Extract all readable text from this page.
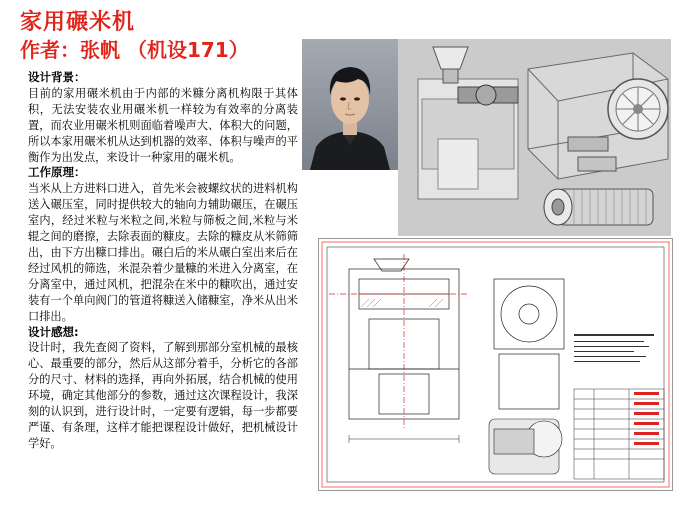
家用碾米机
作者：张帆 （机设171）
设计背景：

目前的家用碾米机由于内部的米糠分离机构限于其体积，无法安装农业用碾米机一样较为有效率的分离装置，而农业用碾米机则面临着噪声大、体积大的问题，所以本家用碾米机从达到机器的效率、体积与噪声的平衡作为出发点，来设计一种家用的碾米机。

工作原理：

当米从上方进料口进入，首先米会被螺纹状的进料机构送入碾压室，同时提供较大的轴向力辅助碾压，在碾压室内，经过米粒与米粒之间,米粒与筛板之间,米粒与米辊之间的磨擦，去除表面的糠皮。去除的糠皮从米筛筛出，由下方出糠口排出。碾白后的米从碾白室出来后在经过风机的筛选，米混杂着少量糠的米进入分离室，在分离室中，通过风机，把混杂在米中的糠吹出，通过安装有一个单向阀门的管道将糠送入储糠室，净米从出米口排出。

设计感想:

设计时，我先查阅了资料，了解到那部分室机械的最核心、最重要的部分，然后从这部分着手，分析它的各部分的尺寸、材料的选择，再向外拓展，结合机械的使用环境，确定其他部分的参数，通过这次课程设计，我深刻的认识到，进行设计时，一定要有逻辑，每一步都要严谨、有条理，这样才能把课程设计做好，把机械设计学好。
